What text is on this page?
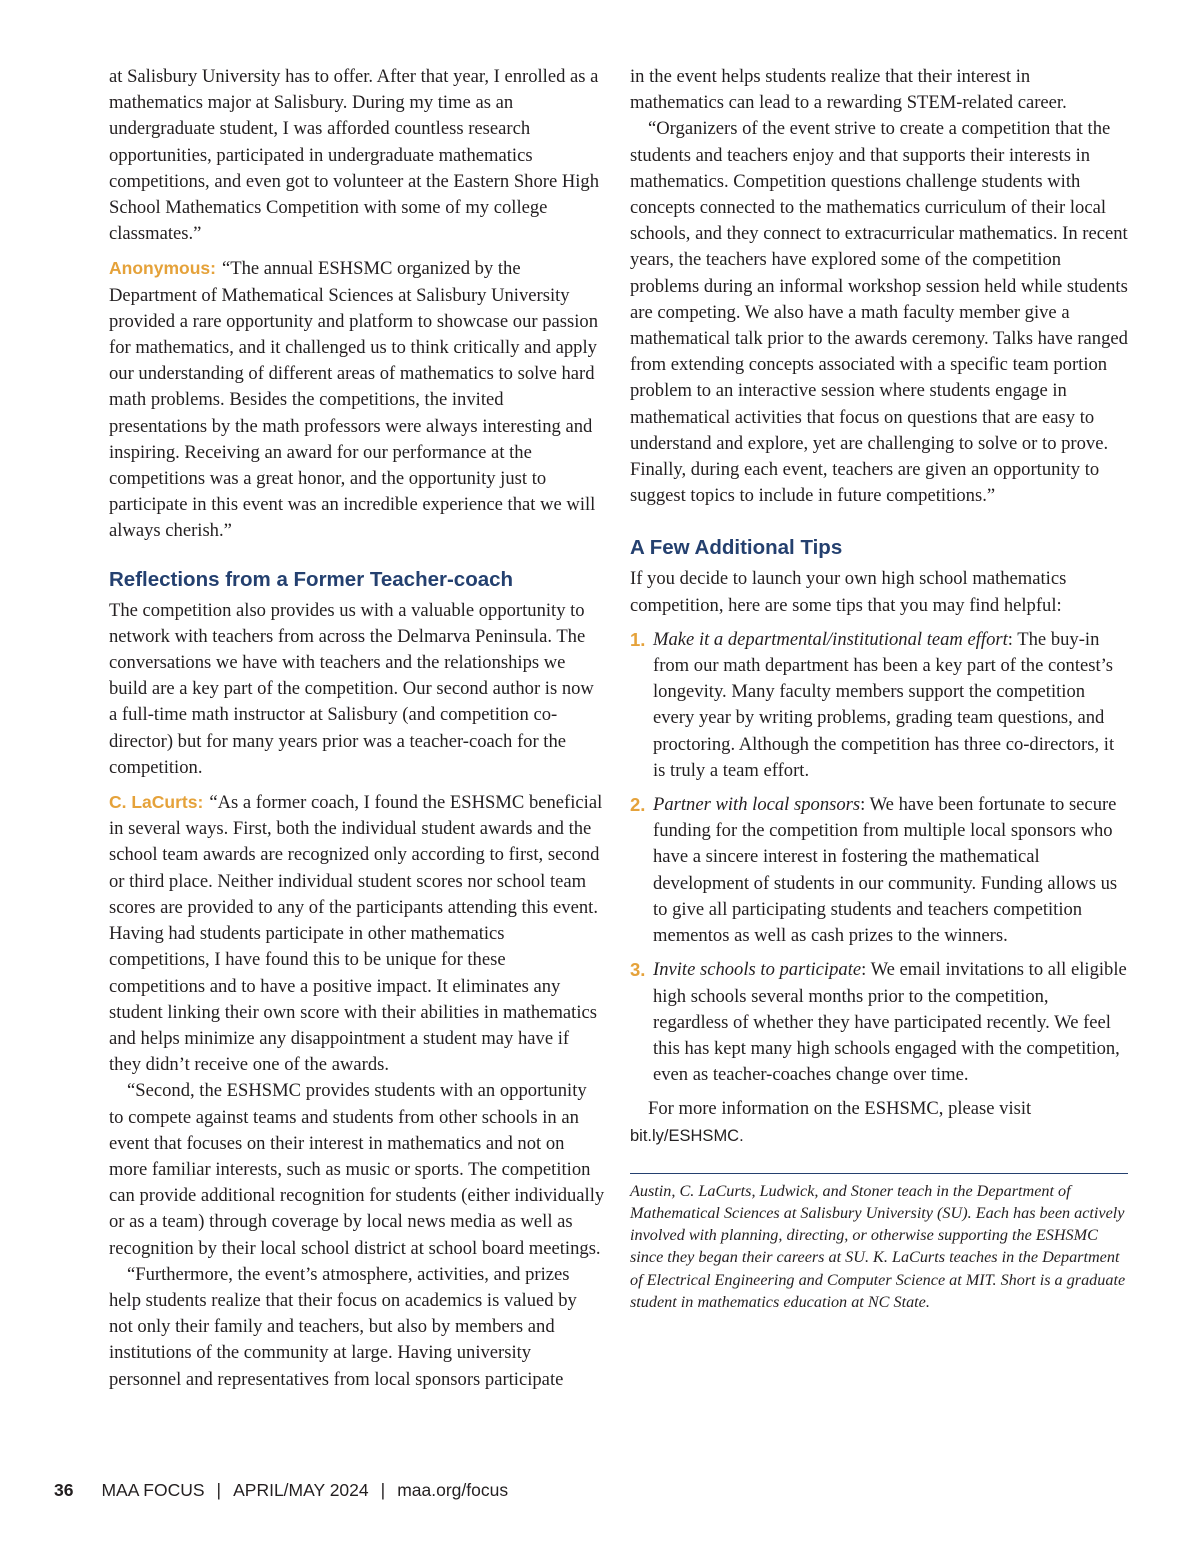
at Salisbury University has to offer. After that year, I enrolled as a mathematics major at Salisbury. During my time as an undergraduate student, I was afforded countless research opportunities, participated in undergraduate mathematics competitions, and even got to volunteer at the Eastern Shore High School Mathematics Competition with some of my college classmates.”

Anonymous: “The annual ESHSMC organized by the Department of Mathematical Sciences at Salisbury University provided a rare opportunity and platform to showcase our passion for mathematics, and it challenged us to think critically and apply our understanding of different areas of mathematics to solve hard math problems. Besides the competitions, the invited presentations by the math professors were always interesting and inspiring. Receiving an award for our performance at the competitions was a great honor, and the opportunity just to participate in this event was an incredible experience that we will always cherish.”

Reflections from a Former Teacher-coach

The competition also provides us with a valuable opportunity to network with teachers from across the Delmarva Peninsula. The conversations we have with teachers and the relationships we build are a key part of the competition. Our second author is now a full-time math instructor at Salisbury (and competition co-director) but for many years prior was a teacher-coach for the competition.

C. LaCurts: “As a former coach, I found the ESHSMC beneficial in several ways. First, both the individual student awards and the school team awards are recognized only according to first, second or third place. Neither individual student scores nor school team scores are provided to any of the participants attending this event. Having had students participate in other mathematics competitions, I have found this to be unique for these competitions and to have a positive impact. It eliminates any student linking their own score with their abilities in mathematics and helps minimize any disappointment a student may have if they didn’t receive one of the awards.

“Second, the ESHSMC provides students with an opportunity to compete against teams and students from other schools in an event that focuses on their interest in mathematics and not on more familiar interests, such as music or sports. The competition can provide additional recognition for students (either individually or as a team) through coverage by local news media as well as recognition by their local school district at school board meetings.

“Furthermore, the event’s atmosphere, activities, and prizes help students realize that their focus on academics is valued by not only their family and teachers, but also by members and institutions of the community at large. Having university personnel and representatives from local sponsors participate

in the event helps students realize that their interest in mathematics can lead to a rewarding STEM-related career.

“Organizers of the event strive to create a competition that the students and teachers enjoy and that supports their interests in mathematics. Competition questions challenge students with concepts connected to the mathematics curriculum of their local schools, and they connect to extracurricular mathematics. In recent years, the teachers have explored some of the competition problems during an informal workshop session held while students are competing. We also have a math faculty member give a mathematical talk prior to the awards ceremony. Talks have ranged from extending concepts associated with a specific team portion problem to an interactive session where students engage in mathematical activities that focus on questions that are easy to understand and explore, yet are challenging to solve or to prove. Finally, during each event, teachers are given an opportunity to suggest topics to include in future competitions.”

A Few Additional Tips

If you decide to launch your own high school mathematics competition, here are some tips that you may find helpful:

1. Make it a departmental/institutional team effort: The buy-in from our math department has been a key part of the contest’s longevity. Many faculty members support the competition every year by writing problems, grading team questions, and proctoring. Although the competition has three co-directors, it is truly a team effort.
2. Partner with local sponsors: We have been fortunate to secure funding for the competition from multiple local sponsors who have a sincere interest in fostering the mathematical development of students in our community. Funding allows us to give all participating students and teachers competition mementos as well as cash prizes to the winners.
3. Invite schools to participate: We email invitations to all eligible high schools several months prior to the competition, regardless of whether they have participated recently. We feel this has kept many high schools engaged with the competition, even as teacher-coaches change over time.

For more information on the ESHSMC, please visit
bit.ly/ESHSMC.

Austin, C. LaCurts, Ludwick, and Stoner teach in the Department of Mathematical Sciences at Salisbury University (SU). Each has been actively involved with planning, directing, or otherwise supporting the ESHSMC since they began their careers at SU. K. LaCurts teaches in the Department of Electrical Engineering and Computer Science at MIT. Short is a graduate student in mathematics education at NC State.

36 MAA FOCUS | APRIL/MAY 2024 | maa.org/focus
